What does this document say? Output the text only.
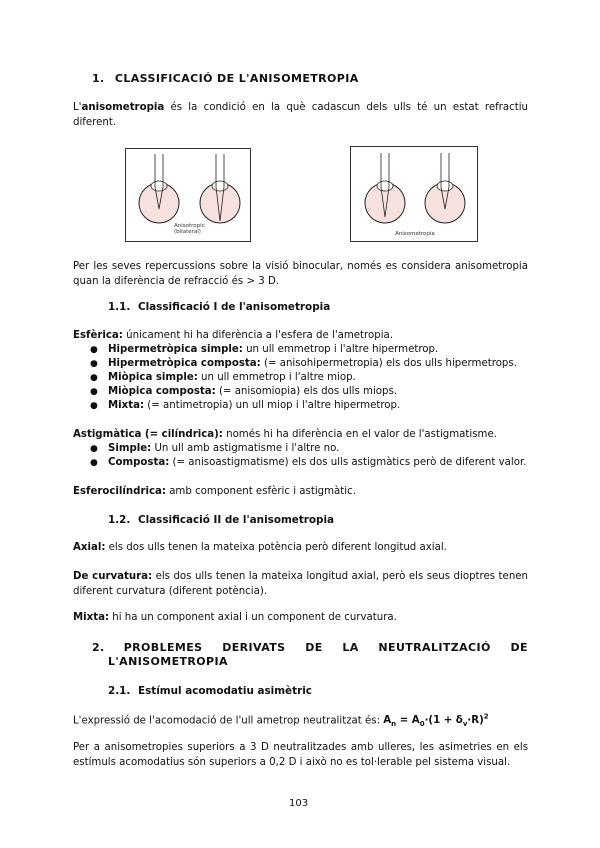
1. CLASSIFICACIÓ DE L'ANISOMETROPIA
L'anisometropia és la condició en la què cadascun dels ulls té un estat refractiu diferent.
Anisotropic
(bilateral)	Anisometropia
Per les seves repercussions sobre la visió binocular, només es considera anisometropia quan la diferència de refracció és > 3 D.
1.1. Classificació I de l'anisometropia
Esfèrica: únicament hi ha diferència a l'esfera de l'ametropia.
● Hipermetròpica simple: un ull emmetrop i l'altre hipermetrop.
● Hipermetròpica composta: (= anisohipermetropia) els dos ulls hipermetrops.
● Miòpica simple: un ull emmetrop i l'altre miop.
● Miòpica composta: (= anisomiopia) els dos ulls miops.
● Mixta: (= antimetropia) un ull miop i l'altre hipermetrop.
Astigmàtica (= cilíndrica): només hi ha diferència en el valor de l'astigmatisme.
● Simple: Un ull amb astigmatisme i l'altre no.
● Composta: (= anisoastigmatisme) els dos ulls astigmàtics però de diferent valor.
Esferocilíndrica: amb component esfèric i astigmàtic.
1.2. Classificació II de l'anisometropia
Axial: els dos ulls tenen la mateixa potència però diferent longitud axial.
De curvatura: els dos ulls tenen la mateixa longitud axial, però els seus dioptres tenen diferent curvatura (diferent potència).
Mixta: hi ha un component axial i un component de curvatura.
2. PROBLEMES DERIVATS DE LA NEUTRALITZACIÓ DE
L'ANISOMETROPIA
2.1. Estímul acomodatiu asimètric
L'expressió de l'acomodació de l'ull ametrop neutralitzat és: $A_n = A_0\cdot(1 + \delta_v\cdot R)^2$
Per a anisometropies superiors a 3 D neutralitzades amb ulleres, les asimetries en els estímuls acomodatius són superiors a 0,2 D i això no es tol·lerable pel sistema visual.
103
